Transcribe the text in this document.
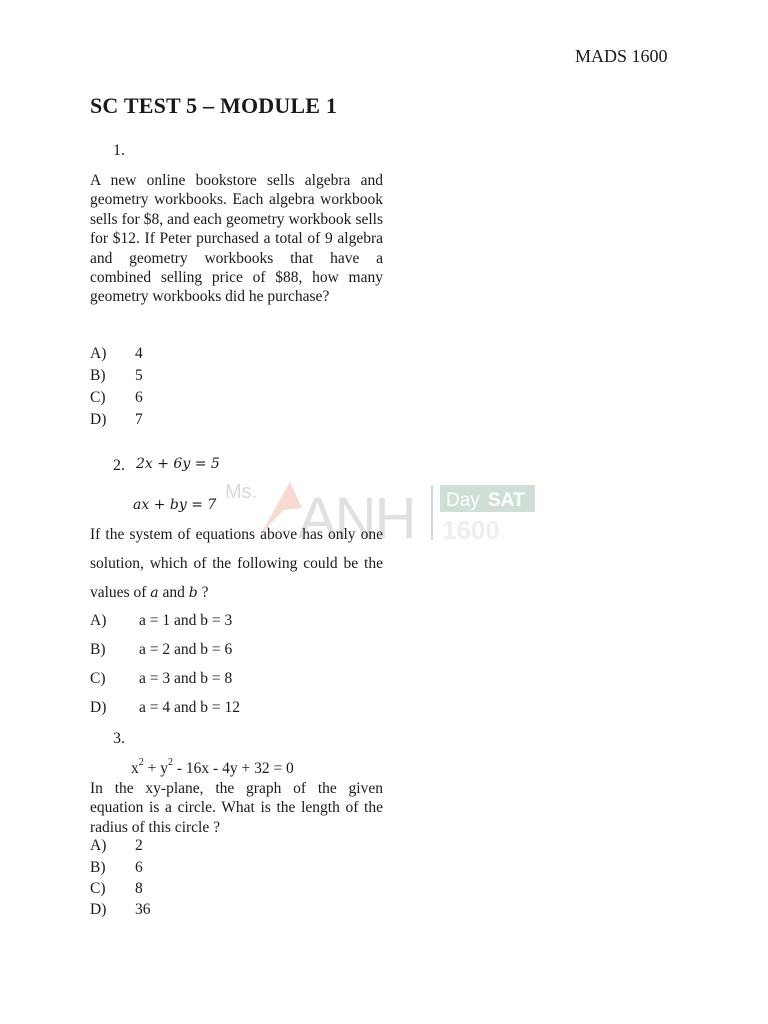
MADS 1600
SC TEST 5 – MODULE 1
1.
A new online bookstore sells algebra and geometry workbooks. Each algebra workbook sells for $8, and each geometry workbook sells for $12. If Peter purchased a total of 9 algebra and geometry workbooks that have a combined selling price of $88, how many geometry workbooks did he purchase?
A) 4
B) 5
C) 6
D) 7
Ms. ANH Day SAT
1600
2. 2x + 6y = 5
ax + by = 7
If the system of equations above has only one solution, which of the following could be the values of a and b ?
A) a = 1 and b = 3
B) a = 2 and b = 6
C) a = 3 and b = 8
D) a = 4 and b = 12
3.
$x^2 + y^2 - 16x - 4y + 32 = 0$
In the xy-plane, the graph of the given equation is a circle. What is the length of the radius of this circle ?
A) 2
B) 6
C) 8
D) 36
